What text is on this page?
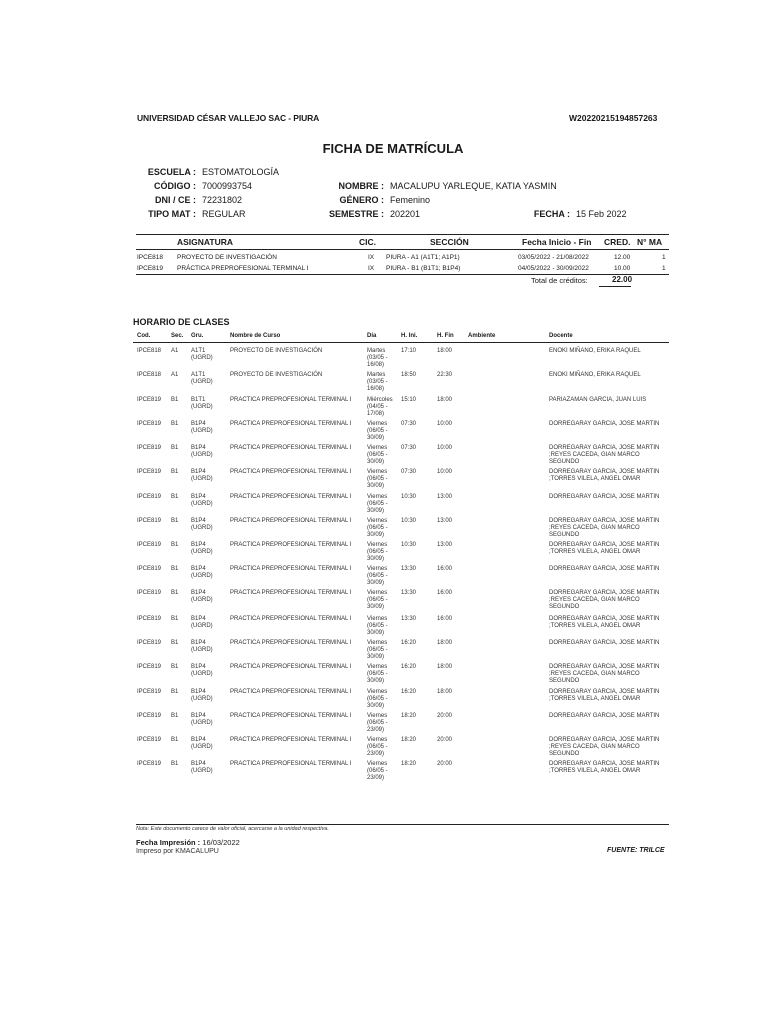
UNIVERSIDAD CÉSAR VALLEJO SAC - PIURA	W20220215194857263
FICHA DE MATRÍCULA
ESCUELA : ESTOMATOLOGÍA
CÓDIGO : 7000993754
DNI / CE : 72231802
TIPO MAT : REGULAR
NOMBRE : MACALUPU YARLEQUE, KATIA YASMIN
GÉNERO : Femenino
SEMESTRE : 202201	FECHA : 15 Feb 2022
ASIGNATURA	CIC.	SECCIÓN	Fecha Inicio - Fin CRED. N° MA
IPCE818 PROYECTO DE INVESTIGACIÓN	IX PIURA - A1 (A1T1; A1P1)	03/05/2022 - 21/08/2022	12.00	1
IPCE819 PRÁCTICA PREPROFESIONAL TERMINAL I	IX PIURA - B1 (B1T1; B1P4)	04/05/2022 - 30/09/2022	10.00	1
Total de créditos:	22.00
HORARIO DE CLASES
Cod.	Sec. Gru.	Nombre de Curso	Día	H. Ini.	H. Fin Ambiente	Docente
IPCE818	A1	A1T1 (UGRD)
PROYECTO DE INVESTIGACIÓN	Martes (03/05 - 16/08)
17:10	18:00	ENOKI MIÑANO, ERIKA RAQUEL
IPCE818	A1	A1T1 (UGRD)
PROYECTO DE INVESTIGACIÓN	Martes (03/05 - 16/08)
18:50	22:30	ENOKI MIÑANO, ERIKA RAQUEL
IPCE819	B1	B1T1 (UGRD)
PRACTICA PREPROFESIONAL TERMINAL I	Miércoles (04/05 - 17/08)
15:10	18:00	PARIAZAMAN GARCIA, JUAN LUIS
IPCE819	B1	B1P4 (UGRD)
PRACTICA PREPROFESIONAL TERMINAL I	Viernes (06/05 - 30/09)
07:30	10:00	DORREGARAY GARCIA, JOSE MARTIN
IPCE819	B1	B1P4 (UGRD)
PRACTICA PREPROFESIONAL TERMINAL I	Viernes (06/05 - 30/09)
07:30	10:00	DORREGARAY GARCIA, JOSE MARTIN ;REYES CACEDA, GIAN MARCO SEGUNDO
IPCE819	B1	B1P4 (UGRD)
PRACTICA PREPROFESIONAL TERMINAL I	Viernes (06/05 - 30/09)
07:30	10:00	DORREGARAY GARCIA, JOSE MARTIN ;TORRES VILELA, ANGEL OMAR
IPCE819	B1	B1P4 (UGRD)
PRACTICA PREPROFESIONAL TERMINAL I	Viernes (06/05 - 30/09)
10:30	13:00	DORREGARAY GARCIA, JOSE MARTIN
IPCE819	B1	B1P4 (UGRD)
PRACTICA PREPROFESIONAL TERMINAL I	Viernes (06/05 - 30/09)
10:30	13:00	DORREGARAY GARCIA, JOSE MARTIN ;REYES CACEDA, GIAN MARCO SEGUNDO
IPCE819	B1	B1P4 (UGRD)
PRACTICA PREPROFESIONAL TERMINAL I	Viernes (06/05 - 30/09)
10:30	13:00	DORREGARAY GARCIA, JOSE MARTIN ;TORRES VILELA, ANGEL OMAR
IPCE819	B1	B1P4 (UGRD)
PRACTICA PREPROFESIONAL TERMINAL I	Viernes (06/05 - 30/09)
13:30	16:00	DORREGARAY GARCIA, JOSE MARTIN
IPCE819	B1	B1P4 (UGRD)
PRACTICA PREPROFESIONAL TERMINAL I	Viernes (06/05 - 30/09)
13:30	16:00	DORREGARAY GARCIA, JOSE MARTIN ;REYES CACEDA, GIAN MARCO SEGUNDO
IPCE819	B1	B1P4 (UGRD)
PRACTICA PREPROFESIONAL TERMINAL I	Viernes (06/05 - 30/09)
13:30	16:00	DORREGARAY GARCIA, JOSE MARTIN ;TORRES VILELA, ANGEL OMAR
IPCE819	B1	B1P4 (UGRD)
PRACTICA PREPROFESIONAL TERMINAL I	Viernes (06/05 - 30/09)
16:20	18:00	DORREGARAY GARCIA, JOSE MARTIN
IPCE819	B1	B1P4 (UGRD)
PRACTICA PREPROFESIONAL TERMINAL I	Viernes (06/05 - 30/09)
16:20	18:00	DORREGARAY GARCIA, JOSE MARTIN ;REYES CACEDA, GIAN MARCO SEGUNDO
IPCE819	B1	B1P4 (UGRD)
PRACTICA PREPROFESIONAL TERMINAL I	Viernes (06/05 - 30/09)
16:20	18:00	DORREGARAY GARCIA, JOSE MARTIN ;TORRES VILELA, ANGEL OMAR
IPCE819	B1	B1P4 (UGRD)
PRACTICA PREPROFESIONAL TERMINAL I	Viernes (06/05 - 23/09)
18:20	20:00	DORREGARAY GARCIA, JOSE MARTIN
IPCE819	B1	B1P4 (UGRD)
PRACTICA PREPROFESIONAL TERMINAL I	Viernes (06/05 - 23/09)
18:20	20:00	DORREGARAY GARCIA, JOSE MARTIN ;REYES CACEDA, GIAN MARCO SEGUNDO
IPCE819	B1	B1P4 (UGRD)
PRACTICA PREPROFESIONAL TERMINAL I	Viernes (06/05 - 23/09)
18:20	20:00	DORREGARAY GARCIA, JOSE MARTIN ;TORRES VILELA, ANGEL OMAR
Nota: Este documento carece de valor oficial, acercarse a la unidad respectiva.
Fecha Impresión : 16/03/2022
Impreso por KMACALUPU	FUENTE: TRILCE
